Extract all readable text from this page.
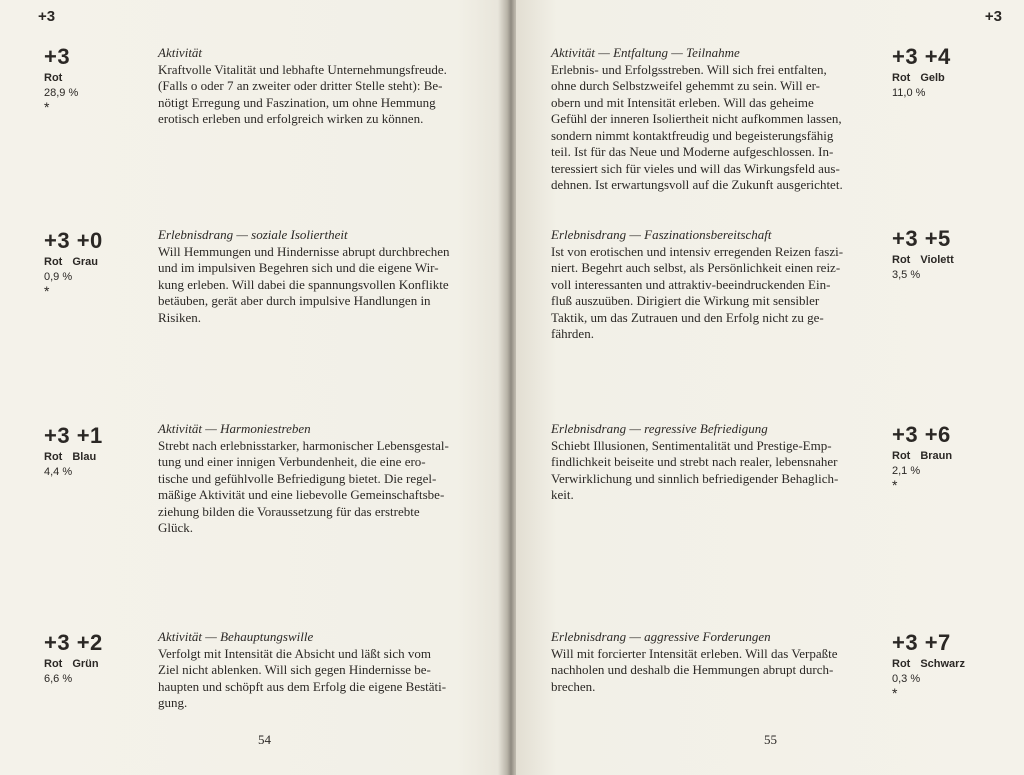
+3
+3
Rot
28,9 %
*
Aktivität
Kraftvolle Vitalität und lebhafte Unternehmungsfreude.
(Falls o oder 7 an zweiter oder dritter Stelle steht): Be-
nötigt Erregung und Faszination, um ohne Hemmung
erotisch erleben und erfolgreich wirken zu können.
+3 +0
Rot Grau
0,9 %
*
Erlebnisdrang — soziale Isoliertheit
Will Hemmungen und Hindernisse abrupt durchbrechen
und im impulsiven Begehren sich und die eigene Wir-
kung erleben. Will dabei die spannungsvollen Konflikte
betäuben, gerät aber durch impulsive Handlungen in
Risiken.
+3 +1
Rot Blau
4,4 %
Aktivität — Harmoniestreben
Strebt nach erlebnisstarker, harmonischer Lebensgestal-
tung und einer innigen Verbundenheit, die eine ero-
tische und gefühlvolle Befriedigung bietet. Die regel-
mäßige Aktivität und eine liebevolle Gemeinschaftsbe-
ziehung bilden die Voraussetzung für das erstrebte
Glück.
+3 +2
Rot Grün
6,6 %
Aktivität — Behauptungswille
Verfolgt mit Intensität die Absicht und läßt sich vom
Ziel nicht ablenken. Will sich gegen Hindernisse be-
haupten und schöpft aus dem Erfolg die eigene Bestäti-
gung.
54
+3
Aktivität — Entfaltung — Teilnahme
Erlebnis- und Erfolgsstreben. Will sich frei entfalten,
ohne durch Selbstzweifel gehemmt zu sein. Will er-
obern und mit Intensität erleben. Will das geheime
Gefühl der inneren Isoliertheit nicht aufkommen lassen,
sondern nimmt kontaktfreudig und begeisterungsfähig
teil. Ist für das Neue und Moderne aufgeschlossen. In-
teressiert sich für vieles und will das Wirkungsfeld aus-
dehnen. Ist erwartungsvoll auf die Zukunft ausgerichtet.
+3 +4
Rot Gelb
11,0 %
Erlebnisdrang — Faszinationsbereitschaft
Ist von erotischen und intensiv erregenden Reizen faszi-
niert. Begehrt auch selbst, als Persönlichkeit einen reiz-
voll interessanten und attraktiv-beeindruckenden Ein-
fluß auszuüben. Dirigiert die Wirkung mit sensibler
Taktik, um das Zutrauen und den Erfolg nicht zu ge-
fährden.
+3 +5
Rot Violett
3,5 %
Erlebnisdrang — regressive Befriedigung
Schiebt Illusionen, Sentimentalität und Prestige-Emp-
findlichkeit beiseite und strebt nach realer, lebensnaher
Verwirklichung und sinnlich befriedigender Behaglich-
keit.
+3 +6
Rot Braun
2,1 %
*
Erlebnisdrang — aggressive Forderungen
Will mit forcierter Intensität erleben. Will das Verpaßte
nachholen und deshalb die Hemmungen abrupt durch-
brechen.
+3 +7
Rot Schwarz
0,3 %
*
55
